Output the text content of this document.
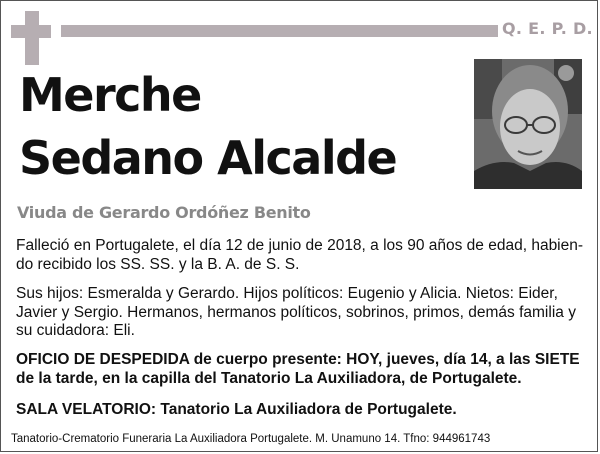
Q. E. P. D.
Merche
Sedano Alcalde
Viuda de Gerardo Ordóñez Benito

Falleció en Portugalete, el día 12 de junio de 2018, a los 90 años de edad, habien-do recibido los SS. SS. y la B. A. de S. S.

Sus hijos: Esmeralda y Gerardo. Hijos políticos: Eugenio y Alicia. Nietos: Eider, Javier y Sergio. Hermanos, hermanos políticos, sobrinos, primos, demás familia y su cuidadora: Eli.

OFICIO DE DESPEDIDA de cuerpo presente: HOY, jueves, día 14, a las SIETE de la tarde, en la capilla del Tanatorio La Auxiliadora, de Portugalete.

SALA VELATORIO: Tanatorio La Auxiliadora de Portugalete.

Tanatorio-Crematorio Funeraria La Auxiliadora Portugalete. M. Unamuno 14. Tfno: 944961743
